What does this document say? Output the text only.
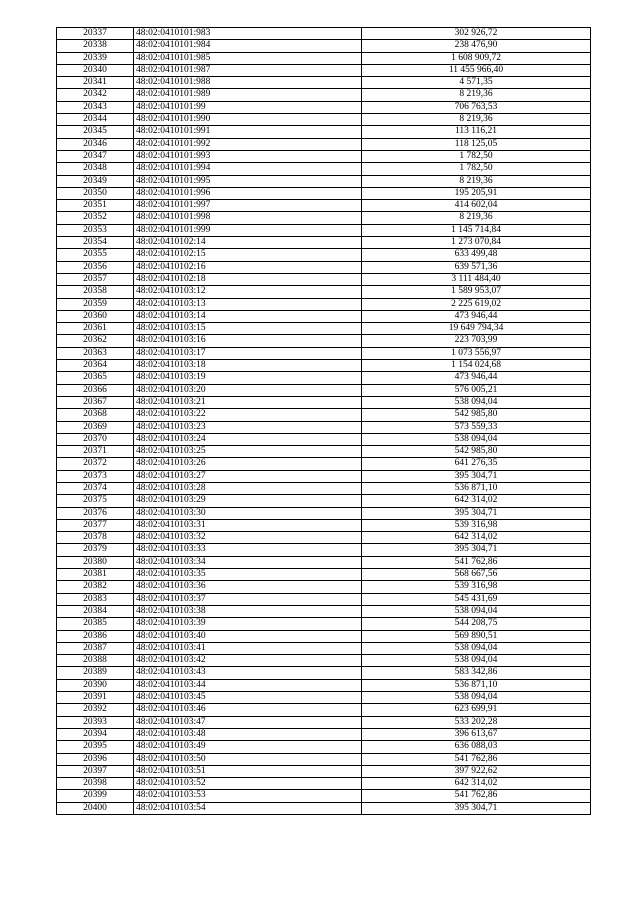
20337	48:02:0410101:983	302 926,72
20338	48:02:0410101:984	238 476,90
20339	48:02:0410101:985	1 608 909,72
20340	48:02:0410101:987	11 455 966,40
20341	48:02:0410101:988	4 571,35
20342	48:02:0410101:989	8 219,36
20343	48:02:0410101:99	706 763,53
20344	48:02:0410101:990	8 219,36
20345	48:02:0410101:991	113 116,21
20346	48:02:0410101:992	118 125,05
20347	48:02:0410101:993	1 782,50
20348	48:02:0410101:994	1 782,50
20349	48:02:0410101:995	8 219,36
20350	48:02:0410101:996	195 205,91
20351	48:02:0410101:997	414 602,04
20352	48:02:0410101:998	8 219,36
20353	48:02:0410101:999	1 145 714,84
20354	48:02:0410102:14	1 273 070,84
20355	48:02:0410102:15	633 499,48
20356	48:02:0410102:16	639 571,36
20357	48:02:0410102:18	3 111 484,40
20358	48:02:0410103:12	1 589 953,07
20359	48:02:0410103:13	2 225 619,02
20360	48:02:0410103:14	473 946,44
20361	48:02:0410103:15	19 649 794,34
20362	48:02:0410103:16	223 703,99
20363	48:02:0410103:17	1 073 556,97
20364	48:02:0410103:18	1 154 024,68
20365	48:02:0410103:19	473 946,44
20366	48:02:0410103:20	576 005,21
20367	48:02:0410103:21	538 094,04
20368	48:02:0410103:22	542 985,80
20369	48:02:0410103:23	573 559,33
20370	48:02:0410103:24	538 094,04
20371	48:02:0410103:25	542 985,80
20372	48:02:0410103:26	641 276,35
20373	48:02:0410103:27	395 304,71
20374	48:02:0410103:28	536 871,10
20375	48:02:0410103:29	642 314,02
20376	48:02:0410103:30	395 304,71
20377	48:02:0410103:31	539 316,98
20378	48:02:0410103:32	642 314,02
20379	48:02:0410103:33	395 304,71
20380	48:02:0410103:34	541 762,86
20381	48:02:0410103:35	568 667,56
20382	48:02:0410103:36	539 316,98
20383	48:02:0410103:37	545 431,69
20384	48:02:0410103:38	538 094,04
20385	48:02:0410103:39	544 208,75
20386	48:02:0410103:40	569 890,51
20387	48:02:0410103:41	538 094,04
20388	48:02:0410103:42	538 094,04
20389	48:02:0410103:43	583 342,86
20390	48:02:0410103:44	536 871,10
20391	48:02:0410103:45	538 094,04
20392	48:02:0410103:46	623 699,91
20393	48:02:0410103:47	533 202,28
20394	48:02:0410103:48	396 613,67
20395	48:02:0410103:49	636 088,03
20396	48:02:0410103:50	541 762,86
20397	48:02:0410103:51	397 922,62
20398	48:02:0410103:52	642 314,02
20399	48:02:0410103:53	541 762,86
20400	48:02:0410103:54	395 304,71
